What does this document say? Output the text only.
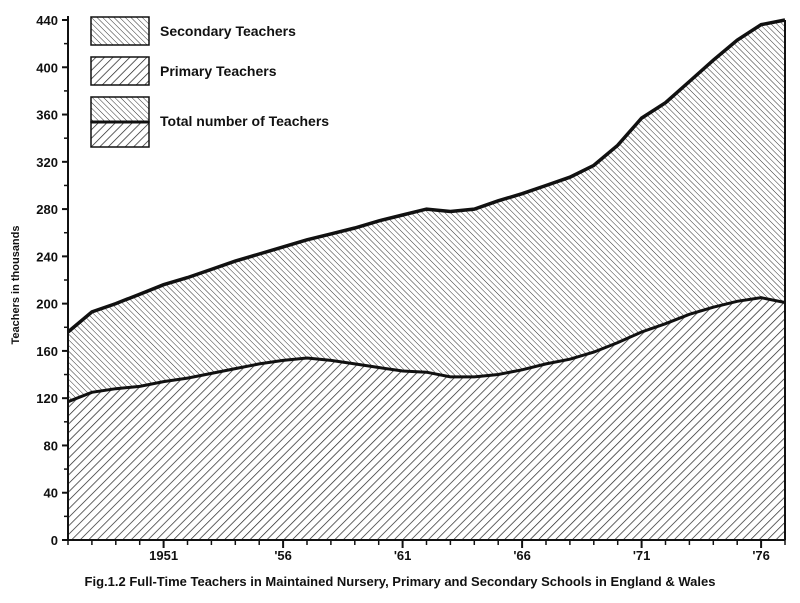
0
40
80
120
160
200
240
280
320
360
400
440
1951	'56	'61	'66	'71	'76
Teachers in thousands
Secondary Teachers
Primary Teachers
Total number of Teachers
Fig.1.2 Full-Time Teachers in Maintained Nursery, Primary and Secondary Schools in England & Wales
